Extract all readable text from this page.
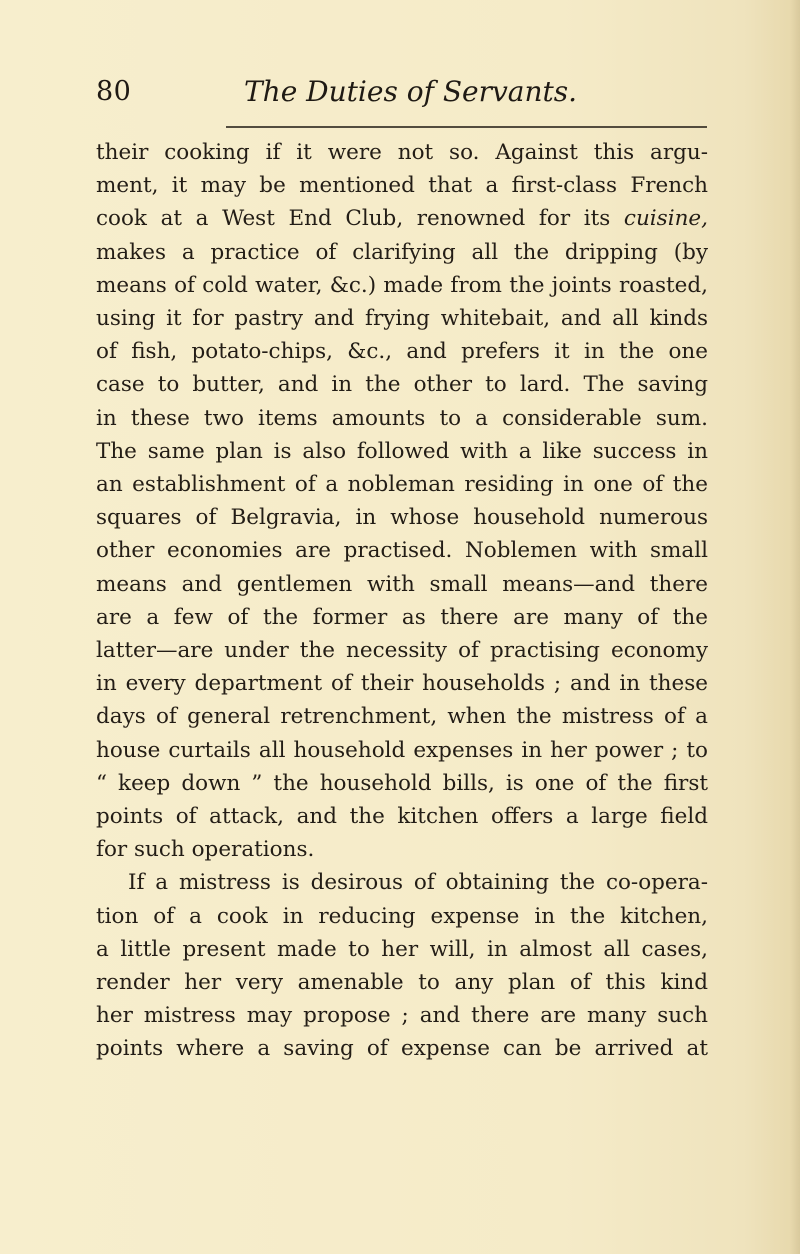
80	The Duties of Servants.
their cooking if it were not so. Against this argu-
ment, it may be mentioned that a first-class French
cook at a West End Club, renowned for its cuisine,
makes a practice of clarifying all the dripping (by
means of cold water, &c.) made from the joints roasted,
using it for pastry and frying whitebait, and all kinds
of fish, potato-chips, &c., and prefers it in the one
case to butter, and in the other to lard. The saving
in these two items amounts to a considerable sum.
The same plan is also followed with a like success in
an establishment of a nobleman residing in one of the
squares of Belgravia, in whose household numerous
other economies are practised. Noblemen with small
means and gentlemen with small means—and there
are a few of the former as there are many of the
latter—are under the necessity of practising economy
in every department of their households ; and in these
days of general retrenchment, when the mistress of a
house curtails all household expenses in her power ; to
“ keep down ” the household bills, is one of the first
points of attack, and the kitchen offers a large field
for such operations.
If a mistress is desirous of obtaining the co-opera-
tion of a cook in reducing expense in the kitchen,
a little present made to her will, in almost all cases,
render her very amenable to any plan of this kind
her mistress may propose ; and there are many such
points where a saving of expense can be arrived at
